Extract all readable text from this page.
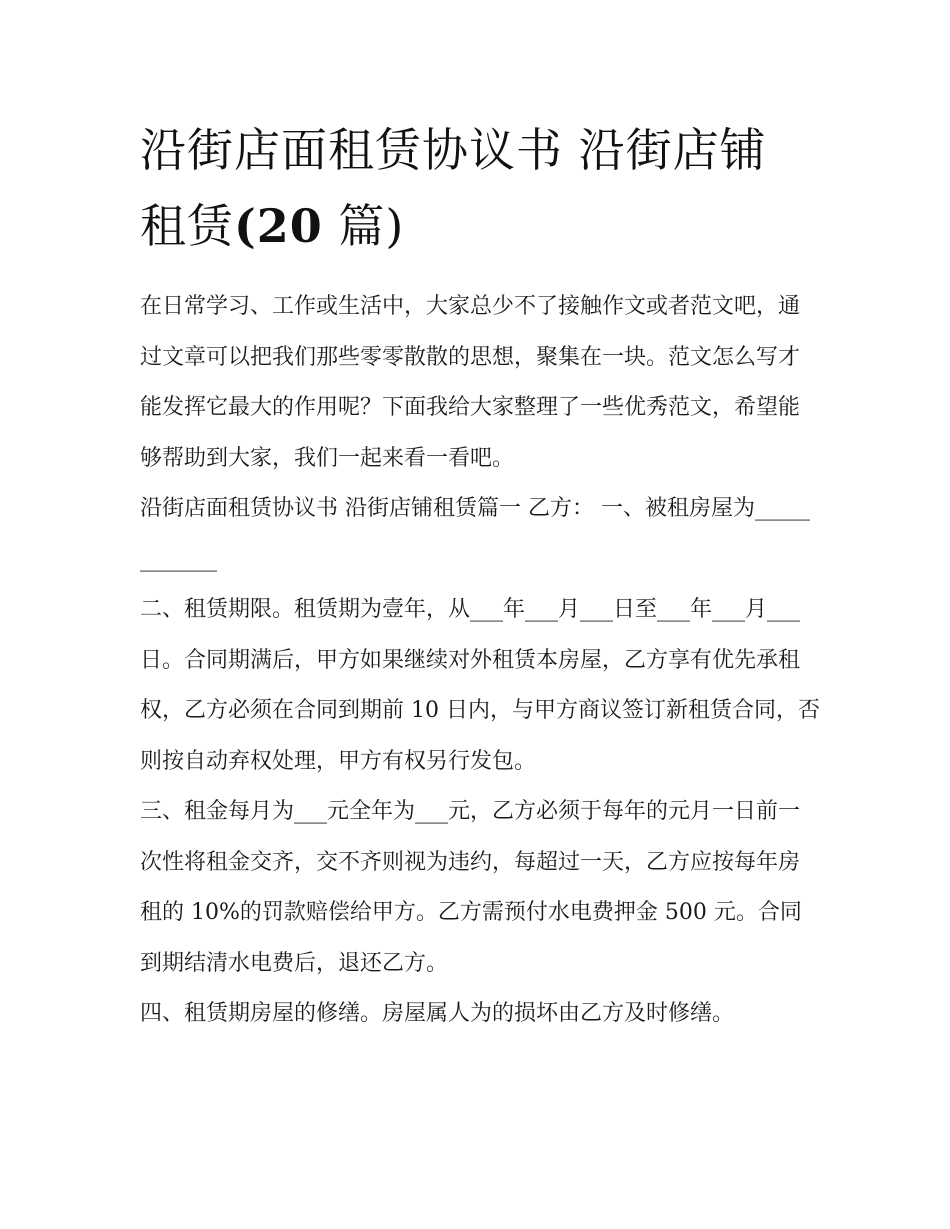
沿街店面租赁协议书 沿街店铺
租赁(20 篇)

在日常学习、工作或生活中，大家总少不了接触作文或者范文吧，通过文章可以把我们那些零零散散的思想，聚集在一块。范文怎么写才能发挥它最大的作用呢？下面我给大家整理了一些优秀范文，希望能够帮助到大家，我们一起来看一看吧。

沿街店面租赁协议书 沿街店铺租赁篇一 乙方： 一、被租房屋为____________

二、租赁期限。租赁期为壹年，从___年___月___日至___年___月___日。合同期满后，甲方如果继续对外租赁本房屋，乙方享有优先承租权，乙方必须在合同到期前 10 日内，与甲方商议签订新租赁合同，否则按自动弃权处理，甲方有权另行发包。

三、租金每月为___元全年为___元，乙方必须于每年的元月一日前一次性将租金交齐，交不齐则视为违约，每超过一天，乙方应按每年房租的 10%的罚款赔偿给甲方。乙方需预付水电费押金 500 元。合同到期结清水电费后，退还乙方。

四、租赁期房屋的修缮。房屋属人为的损坏由乙方及时修缮。
